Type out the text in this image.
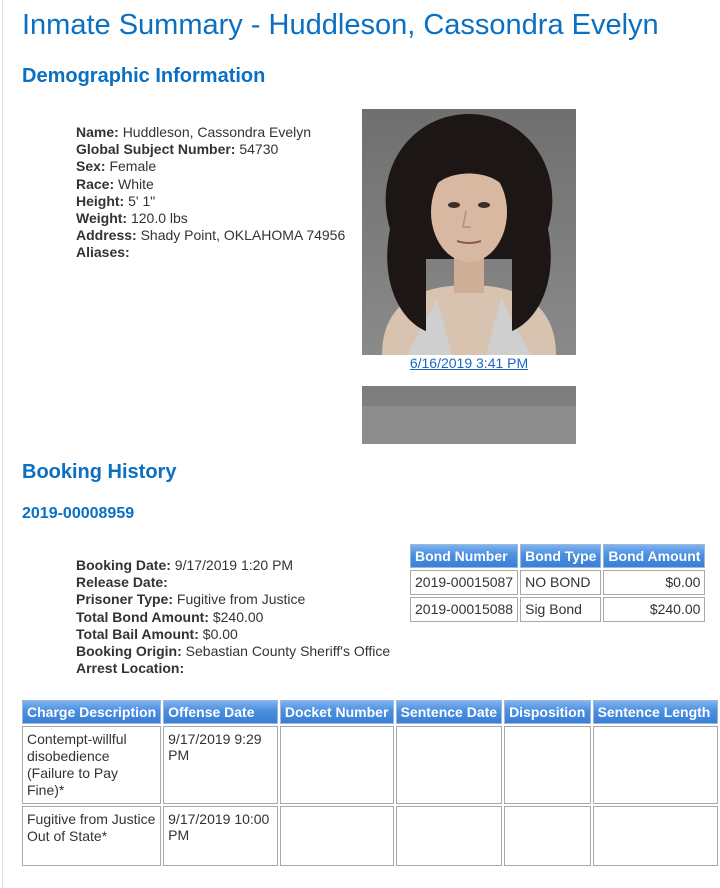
Inmate Summary - Huddleson, Cassondra Evelyn
Demographic Information
Name: Huddleson, Cassondra Evelyn
Global Subject Number: 54730
Sex: Female
Race: White
Height: 5' 1"
Weight: 120.0 lbs
Address: Shady Point, OKLAHOMA 74956
Aliases:
6/16/2019 3:41 PM
Booking History
2019-00008959
Booking Date: 9/17/2019 1:20 PM
Release Date:
Prisoner Type: Fugitive from Justice
Total Bond Amount: $240.00
Total Bail Amount: $0.00
Booking Origin: Sebastian County Sheriff's Office
Arrest Location:
Bond Number	Bond Type	Bond Amount
2019-00015087	NO BOND	$0.00
2019-00015088	Sig Bond	$240.00
Charge Description	Offense Date	Docket Number	Sentence Date	Disposition	Sentence Length
Contempt-willful disobedience (Failure to Pay Fine)*	9/17/2019 9:29 PM				
Fugitive from Justice Out of State*	9/17/2019 10:00 PM				
